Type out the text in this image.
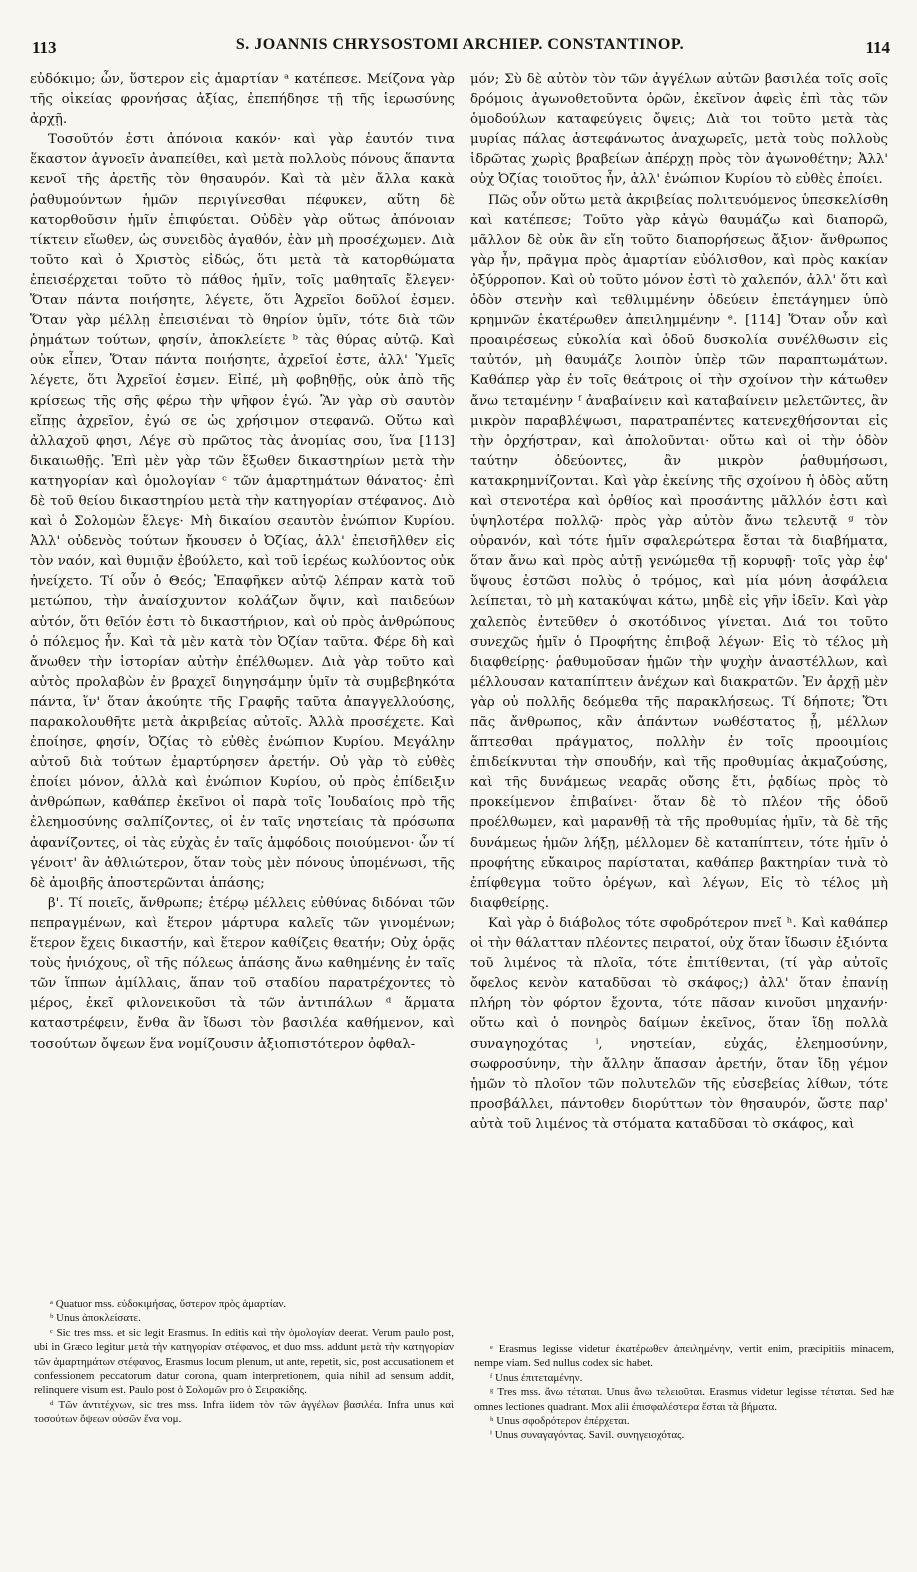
113	S. JOANNIS CHRYSOSTOMI ARCHIEP. CONSTANTINOP.	114

εὐδόκιμο; ὧν, ὕστερον εἰς ἁμαρτίαν ᵃ κατέπεσε. Μείζονα γὰρ τῆς οἰκείας φρονήσας ἀξίας, ἐπεπήδησε τῇ τῆς ἱερωσύνης ἀρχῇ.

Τοσοῦτόν ἐστι ἀπόνοια κακόν· καὶ γὰρ ἑαυτόν τινα ἕκαστον ἀγνοεῖν ἀναπείθει, καὶ μετὰ πολλοὺς πόνους ἅπαντα κενοῖ τῆς ἀρετῆς τὸν θησαυρόν. Καὶ τὰ μὲν ἄλλα κακὰ ῥαθυμούντων ἡμῶν περιγίνεσθαι πέφυκεν, αὕτη δὲ κατορθοῦσιν ἡμῖν ἐπιφύεται. Οὐδὲν γὰρ οὕτως ἀπόνοιαν τίκτειν εἴωθεν, ὡς συνειδὸς ἀγαθόν, ἐὰν μὴ προσέχωμεν. Διὰ τοῦτο καὶ ὁ Χριστὸς εἰδώς, ὅτι μετὰ τὰ κατορθώματα ἐπεισέρχεται τοῦτο τὸ πάθος ἡμῖν, τοῖς μαθηταῖς ἔλεγεν· Ὅταν πάντα ποιήσητε, λέγετε, ὅτι Ἀχρεῖοι δοῦλοί ἐσμεν. Ὅταν γὰρ μέλλῃ ἐπεισιέναι τὸ θηρίον ὑμῖν, τότε διὰ τῶν ῥημάτων τούτων, φησίν, ἀποκλείετε ᵇ τὰς θύρας αὐτῷ. Καὶ οὐκ εἶπεν, Ὅταν πάντα ποιήσητε, ἀχρεῖοί ἐστε, ἀλλ' Ὑμεῖς λέγετε, ὅτι Ἀχρεῖοί ἐσμεν. Εἰπέ, μὴ φοβηθῇς, οὐκ ἀπὸ τῆς κρίσεως τῆς σῆς φέρω τὴν ψῆφον ἐγώ. Ἂν γὰρ σὺ σαυτὸν εἴπῃς ἀχρεῖον, ἐγώ σε ὡς χρήσιμον στεφανῶ. Οὕτω καὶ ἀλλαχοῦ φησι, Λέγε σὺ πρῶτος τὰς ἀνομίας σου, ἵνα [113] δικαιωθῇς. Ἐπὶ μὲν γὰρ τῶν ἔξωθεν δικαστηρίων μετὰ τὴν κατηγορίαν καὶ ὁμολογίαν ᶜ τῶν ἁμαρτημάτων θάνατος· ἐπὶ δὲ τοῦ θείου δικαστηρίου μετὰ τὴν κατηγορίαν στέφανος. Διὸ καὶ ὁ Σολομὼν ἔλεγε· Μὴ δικαίου σεαυτὸν ἐνώπιον Κυρίου. Ἀλλ' οὐδενὸς τούτων ἤκουσεν ὁ Ὀζίας, ἀλλ' ἐπεισῆλθεν εἰς τὸν ναόν, καὶ θυμιᾷν ἐβούλετο, καὶ τοῦ ἱερέως κωλύοντος οὐκ ἠνείχετο. Τί οὖν ὁ Θεός; Ἐπαφῆκεν αὐτῷ λέπραν κατὰ τοῦ μετώπου, τὴν ἀναίσχυντον κολάζων ὄψιν, καὶ παιδεύων αὐτόν, ὅτι θεῖόν ἐστι τὸ δικαστήριον, καὶ οὐ πρὸς ἀνθρώπους ὁ πόλεμος ἦν. Καὶ τὰ μὲν κατὰ τὸν Ὀζίαν ταῦτα. Φέρε δὴ καὶ ἄνωθεν τὴν ἱστορίαν αὐτὴν ἐπέλθωμεν. Διὰ γὰρ τοῦτο καὶ αὐτὸς προλαβὼν ἐν βραχεῖ διηγησάμην ὑμῖν τὰ συμβεβηκότα πάντα, ἵν' ὅταν ἀκούητε τῆς Γραφῆς ταῦτα ἀπαγγελλούσης, παρακολουθῆτε μετὰ ἀκριβείας αὐτοῖς. Ἀλλὰ προσέχετε. Καὶ ἐποίησε, φησίν, Ὀζίας τὸ εὐθὲς ἐνώπιον Κυρίου. Μεγάλην αὐτοῦ διὰ τούτων ἐμαρτύρησεν ἀρετήν. Οὐ γὰρ τὸ εὐθὲς ἐποίει μόνον, ἀλλὰ καὶ ἐνώπιον Κυρίου, οὐ πρὸς ἐπίδειξιν ἀνθρώπων, καθάπερ ἐκεῖνοι οἱ παρὰ τοῖς Ἰουδαίοις πρὸ τῆς ἐλεημοσύνης σαλπίζοντες, οἱ ἐν ταῖς νηστείαις τὰ πρόσωπα ἀφανίζοντες, οἱ τὰς εὐχὰς ἐν ταῖς ἀμφόδοις ποιούμενοι· ὧν τί γένοιτ' ἂν ἀθλιώτερον, ὅταν τοὺς μὲν πόνους ὑπομένωσι, τῆς δὲ ἀμοιβῆς ἀποστερῶνται ἁπάσης;

β'. Τί ποιεῖς, ἄνθρωπε; ἑτέρῳ μέλλεις εὐθύνας διδόναι τῶν πεπραγμένων, καὶ ἕτερον μάρτυρα καλεῖς τῶν γινομένων; ἕτερον ἔχεις δικαστήν, καὶ ἕτερον καθίζεις θεατήν; Οὐχ ὁρᾷς τοὺς ἡνιόχους, οἳ τῆς πόλεως ἁπάσης ἄνω καθημένης ἐν ταῖς τῶν ἵππων ἁμίλλαις, ἅπαν τοῦ σταδίου παρατρέχοντες τὸ μέρος, ἐκεῖ φιλονεικοῦσι τὰ τῶν ἀντιπάλων ᵈ ἅρματα καταστρέφειν, ἔνθα ἂν ἴδωσι τὸν βασιλέα καθήμενον, καὶ τοσούτων ὄψεων ἕνα νομίζουσιν ἀξιοπιστότερον ὀφθαλ-

μόν; Σὺ δὲ αὐτὸν τὸν τῶν ἀγγέλων αὐτῶν βασιλέα τοῖς σοῖς δρόμοις ἀγωνοθετοῦντα ὁρῶν, ἐκεῖνον ἀφεὶς ἐπὶ τὰς τῶν ὁμοδούλων καταφεύγεις ὄψεις; Διὰ τοι τοῦτο μετὰ τὰς μυρίας πάλας ἀστεφάνωτος ἀναχωρεῖς, μετὰ τοὺς πολλοὺς ἱδρῶτας χωρὶς βραβείων ἀπέρχῃ πρὸς τὸν ἀγωνοθέτην; Ἀλλ' οὐχ Ὀζίας τοιοῦτος ἦν, ἀλλ' ἐνώπιον Κυρίου τὸ εὐθὲς ἐποίει.

Πῶς οὖν οὕτω μετὰ ἀκριβείας πολιτευόμενος ὑπεσκελίσθη καὶ κατέπεσε; Τοῦτο γὰρ κἀγὼ θαυμάζω καὶ διαπορῶ, μᾶλλον δὲ οὐκ ἂν εἴη τοῦτο διαπορήσεως ἄξιον· ἄνθρωπος γὰρ ἦν, πρᾶγμα πρὸς ἁμαρτίαν εὐόλισθον, καὶ πρὸς κακίαν ὀξύρροπον. Καὶ οὐ τοῦτο μόνον ἐστὶ τὸ χαλεπόν, ἀλλ' ὅτι καὶ ὁδὸν στενὴν καὶ τεθλιμμένην ὁδεύειν ἐπετάγημεν ὑπὸ κρημνῶν ἑκατέρωθεν ἀπειλημμένην ᵉ. [114] Ὅταν οὖν καὶ προαιρέσεως εὐκολία καὶ ὁδοῦ δυσκολία συνέλθωσιν εἰς ταὐτόν, μὴ θαυμάζε λοιπὸν ὑπὲρ τῶν παραπτωμάτων. Καθάπερ γὰρ ἐν τοῖς θεάτροις οἱ τὴν σχοίνον τὴν κάτωθεν ἄνω τεταμένην ᶠ ἀναβαίνειν καὶ καταβαίνειν μελετῶντες, ἂν μικρὸν παραβλέψωσι, παρατραπέντες κατενεχθήσονται εἰς τὴν ὀρχήστραν, καὶ ἀπολοῦνται· οὕτω καὶ οἱ τὴν ὁδὸν ταύτην ὁδεύοντες, ἂν μικρὸν ῥαθυμήσωσι, κατακρημνίζονται. Καὶ γὰρ ἐκείνης τῆς σχοίνου ἡ ὁδὸς αὕτη καὶ στενοτέρα καὶ ὀρθίος καὶ προσάντης μᾶλλόν ἐστι καὶ ὑψηλοτέρα πολλῷ· πρὸς γὰρ αὐτὸν ἄνω τελευτᾷ ᵍ τὸν οὐρανόν, καὶ τότε ἡμῖν σφαλερώτερα ἔσται τὰ διαβήματα, ὅταν ἄνω καὶ πρὸς αὐτῇ γενώμεθα τῇ κορυφῇ· τοῖς γὰρ ἐφ' ὕψους ἑστῶσι πολὺς ὁ τρόμος, καὶ μία μόνη ἀσφάλεια λείπεται, τὸ μὴ κατακύψαι κάτω, μηδὲ εἰς γῆν ἰδεῖν. Καὶ γὰρ χαλεπὸς ἐντεῦθεν ὁ σκοτόδινος γίνεται. Διά τοι τοῦτο συνεχῶς ἡμῖν ὁ Προφήτης ἐπιβοᾷ λέγων· Εἰς τὸ τέλος μὴ διαφθείρῃς· ῥαθυμοῦσαν ἡμῶν τὴν ψυχὴν ἀναστέλλων, καὶ μέλλουσαν καταπίπτειν ἀνέχων καὶ διακρατῶν. Ἐν ἀρχῇ μὲν γὰρ οὐ πολλῆς δεόμεθα τῆς παρακλήσεως. Τί δήποτε; Ὅτι πᾶς ἄνθρωπος, κἂν ἁπάντων νωθέστατος ᾖ, μέλλων ἅπτεσθαι πράγματος, πολλὴν ἐν τοῖς προοιμίοις ἐπιδείκνυται τὴν σπουδήν, καὶ τῆς προθυμίας ἀκμαζούσης, καὶ τῆς δυνάμεως νεαρᾶς οὔσης ἔτι, ῥᾳδίως πρὸς τὸ προκείμενον ἐπιβαίνει· ὅταν δὲ τὸ πλέον τῆς ὁδοῦ προέλθωμεν, καὶ μαρανθῇ τὰ τῆς προθυμίας ἡμῖν, τὰ δὲ τῆς δυνάμεως ἡμῶν λήξῃ, μέλλομεν δὲ καταπίπτειν, τότε ἡμῖν ὁ προφήτης εὔκαιρος παρίσταται, καθάπερ βακτηρίαν τινὰ τὸ ἐπίφθεγμα τοῦτο ὀρέγων, καὶ λέγων, Εἰς τὸ τέλος μὴ διαφθείρῃς.

Καὶ γὰρ ὁ διάβολος τότε σφοδρότερον πνεῖ ʰ. Καὶ καθάπερ οἱ τὴν θάλατταν πλέοντες πειρατοί, οὐχ ὅταν ἴδωσιν ἐξιόντα τοῦ λιμένος τὰ πλοῖα, τότε ἐπιτίθενται, (τί γὰρ αὐτοῖς ὄφελος κενὸν καταδῦσαι τὸ σκάφος;) ἀλλ' ὅταν ἐπανίῃ πλήρη τὸν φόρτον ἔχοντα, τότε πᾶσαν κινοῦσι μηχανήν· οὕτω καὶ ὁ πονηρὸς δαίμων ἐκεῖνος, ὅταν ἴδῃ πολλὰ συναγηοχότας ⁱ, νηστείαν, εὐχάς, ἐλεημοσύνην, σωφροσύνην, τὴν ἄλλην ἅπασαν ἀρετήν, ὅταν ἴδῃ γέμον ἡμῶν τὸ πλοῖον τῶν πολυτελῶν τῆς εὐσεβείας λίθων, τότε προσβάλλει, πάντοθεν διορύττων τὸν θησαυρόν, ὥστε παρ' αὐτὰ τοῦ λιμένος τὰ στόματα καταδῦσαι τὸ σκάφος, καὶ

ᵃ Quatuor mss. εὐδοκιμήσας, ὕστερον πρὸς ἁμαρτίαν.

ᵇ Unus ἀποκλείσατε.

ᶜ Sic tres mss. et sic legit Erasmus. In editis καὶ τὴν ὁμολογίαν deerat. Verum paulo post, ubi in Græco legitur μετὰ τὴν κατηγορίαν στέφανος, et duo mss. addunt μετὰ τὴν κατηγορίαν τῶν ἁμαρτημάτων στέφανος, Erasmus locum plenum, ut ante, repetit, sic, post accusationem et confessionem peccatorum datur corona, quam interpretionem, quia nihil ad sensum addit, relinquere visum est. Paulo post ὁ Σολομῶν pro ὁ Σειρακίδης.

ᵈ Τῶν ἀντιτέχνων, sic tres mss. Infra iidem τὸν τῶν ἀγγέλων βασιλέα. Infra unus καὶ τοσούτων ὄψεων οὐσῶν ἕνα νομ.

ᵉ Erasmus legisse videtur ἑκατέρωθεν ἀπειλημένην, vertit enim, præcipitiis minacem, nempe viam. Sed nullus codex sic habet.

ᶠ Unus ἐπιτεταμένην.

ᵍ Tres mss. ἄνω τέταται. Unus ἄνω τελειοῦται. Erasmus videtur legisse τέταται. Sed hæ omnes lectiones quadrant. Mox alii ἐπισφαλέστερα ἔσται τὰ βήματα.

ʰ Unus σφοδρότερον ἐπέρχεται.

ⁱ Unus συναγαγόντας. Savil. συνηγειοχότας.
